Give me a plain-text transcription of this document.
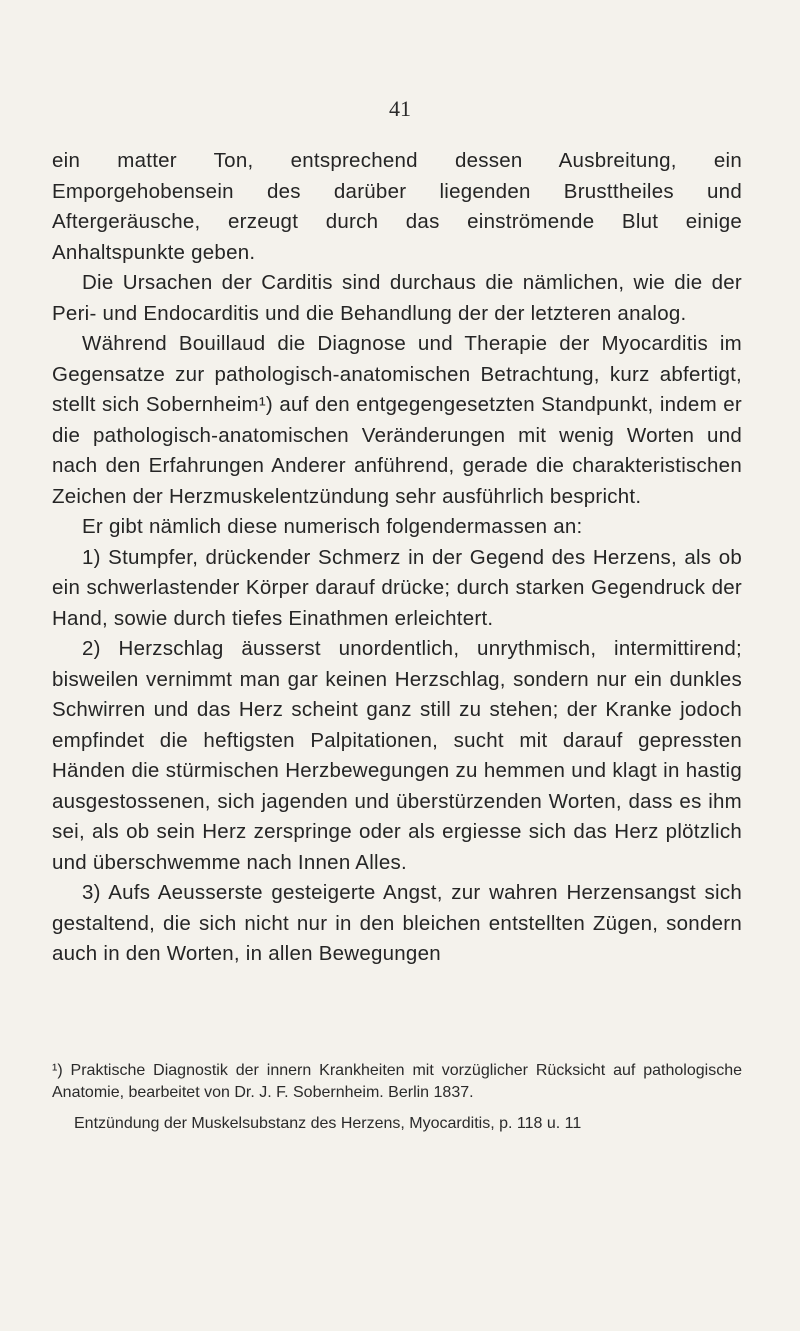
41

ein matter Ton, entsprechend dessen Ausbreitung, ein Emporgehobensein des darüber liegenden Brusttheiles und Aftergeräusche, erzeugt durch das einströmende Blut einige Anhaltspunkte geben.

Die Ursachen der Carditis sind durchaus die nämlichen, wie die der Peri- und Endocarditis und die Behandlung der der letzteren analog.

Während Bouillaud die Diagnose und Therapie der Myocarditis im Gegensatze zur pathologisch-anatomischen Betrachtung, kurz abfertigt, stellt sich Sobernheim¹) auf den entgegengesetzten Standpunkt, indem er die pathologisch-anatomischen Veränderungen mit wenig Worten und nach den Erfahrungen Anderer anführend, gerade die charakteristischen Zeichen der Herzmuskelentzündung sehr ausführlich bespricht.

Er gibt nämlich diese numerisch folgendermassen an:

1) Stumpfer, drückender Schmerz in der Gegend des Herzens, als ob ein schwerlastender Körper darauf drücke; durch starken Gegendruck der Hand, sowie durch tiefes Einathmen erleichtert.

2) Herzschlag äusserst unordentlich, unrythmisch, intermittirend; bisweilen vernimmt man gar keinen Herzschlag, sondern nur ein dunkles Schwirren und das Herz scheint ganz still zu stehen; der Kranke jodoch empfindet die heftigsten Palpitationen, sucht mit darauf gepressten Händen die stürmischen Herzbewegungen zu hemmen und klagt in hastig ausgestossenen, sich jagenden und überstürzenden Worten, dass es ihm sei, als ob sein Herz zerspringe oder als ergiesse sich das Herz plötzlich und überschwemme nach Innen Alles.

3) Aufs Aeusserste gesteigerte Angst, zur wahren Herzensangst sich gestaltend, die sich nicht nur in den bleichen entstellten Zügen, sondern auch in den Worten, in allen Bewegungen

¹) Praktische Diagnostik der innern Krankheiten mit vorzüglicher Rücksicht auf pathologische Anatomie, bearbeitet von Dr. J. F. Sobernheim. Berlin 1837.

Entzündung der Muskelsubstanz des Herzens, Myocarditis, p. 118 u. 11
